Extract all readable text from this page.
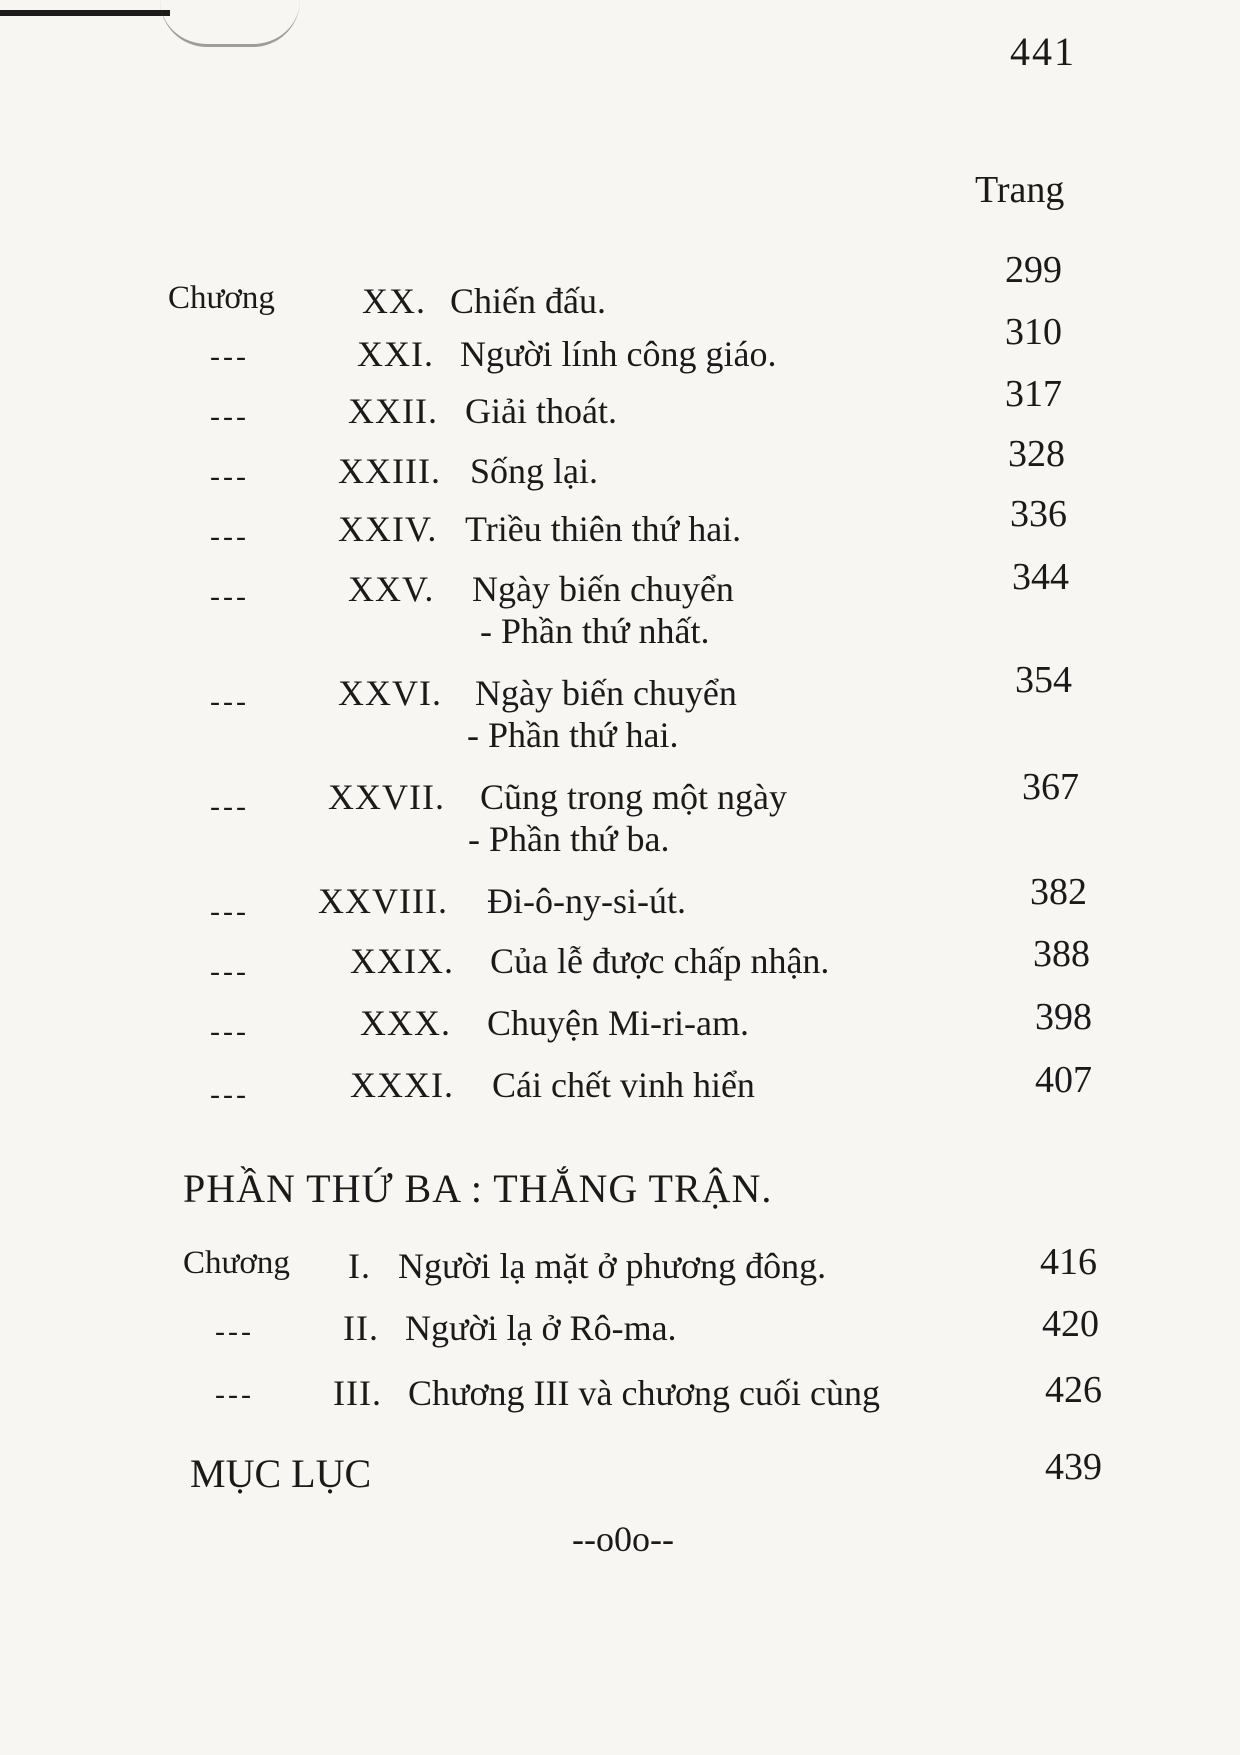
441
Trang
Chương XX. Chiến đấu.
299
---	XXI. Người lính công giáo.
310
---	XXII. Giải thoát.	317
--- XXIII. Sống lại.	328
--- XXIV. Triều thiên thứ hai.	336
---	XXV. Ngày biến chuyển
- Phần thứ nhất.
344
--- XXVI. Ngày biến chuyển
- Phần thứ hai.
354
--- XXVII. Cũng trong một ngày
- Phần thứ ba.
367
--- XXVIII. Đi-ô-ny-si-út.	382
---	XXIX. Của lễ được chấp nhận.	388
---	XXX. Chuyện Mi-ri-am.	398
---	XXXI. Cái chết vinh hiển	407
PHẦN THỨ BA : THẮNG TRẬN.
Chương I. Người lạ mặt ở phương đông.	416
--- II. Người lạ ở Rô-ma.	420
--- III. Chương III và chương cuối cùng	426
MỤC LỤC	439
--o0o--
